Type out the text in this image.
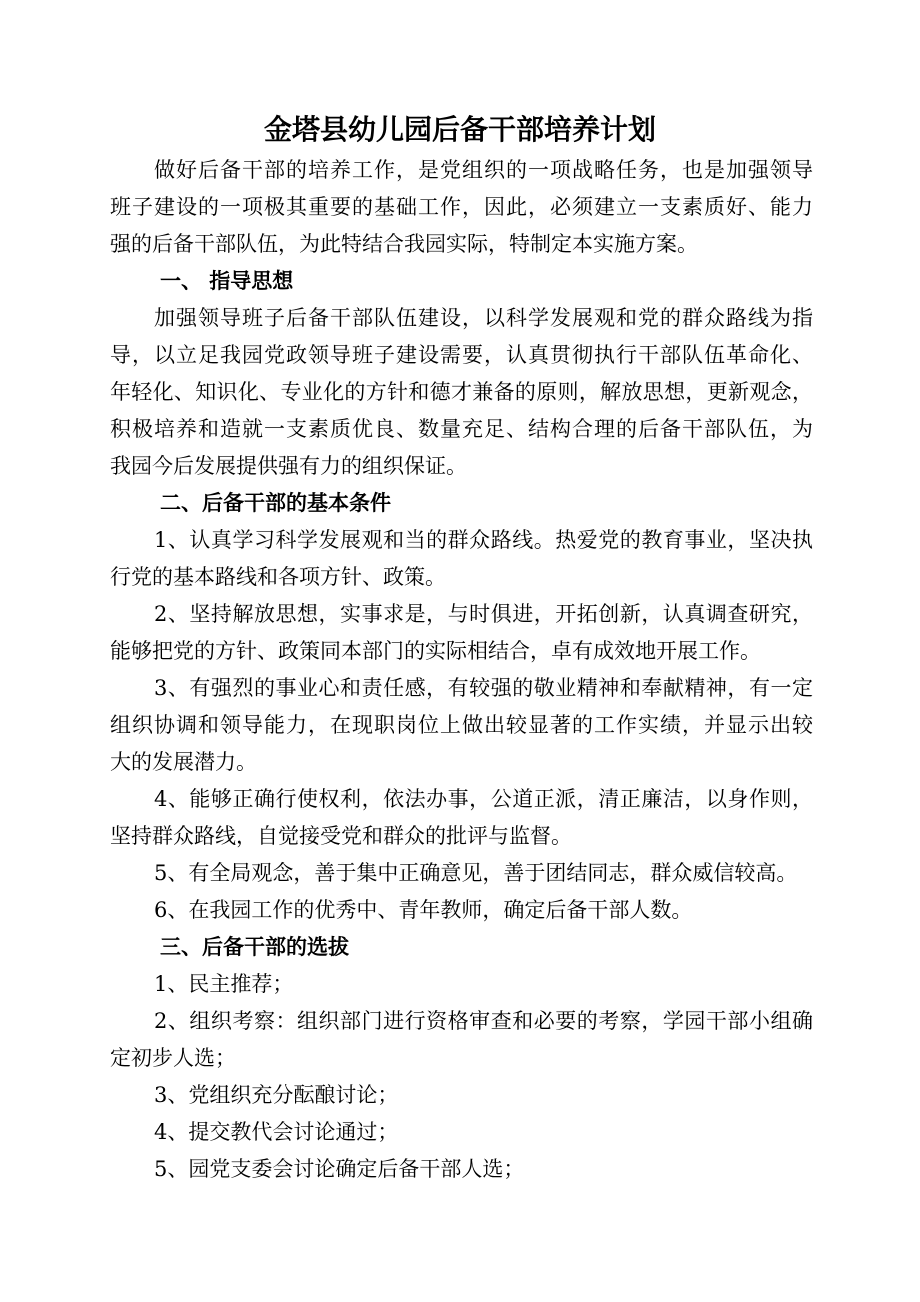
金塔县幼儿园后备干部培养计划
做好后备干部的培养工作，是党组织的一项战略任务，也是加强领导
班子建设的一项极其重要的基础工作，因此，必须建立一支素质好、能力
强的后备干部队伍，为此特结合我园实际，特制定本实施方案。
一、 指导思想
加强领导班子后备干部队伍建设，以科学发展观和党的群众路线为指
导，以立足我园党政领导班子建设需要，认真贯彻执行干部队伍革命化、
年轻化、知识化、专业化的方针和德才兼备的原则，解放思想，更新观念，
积极培养和造就一支素质优良、数量充足、结构合理的后备干部队伍，为
我园今后发展提供强有力的组织保证。
二、后备干部的基本条件
1、认真学习科学发展观和当的群众路线。热爱党的教育事业，坚决执
行党的基本路线和各项方针、政策。
2、坚持解放思想，实事求是，与时俱进，开拓创新，认真调查研究，
能够把党的方针、政策同本部门的实际相结合，卓有成效地开展工作。
3、有强烈的事业心和责任感，有较强的敬业精神和奉献精神，有一定
组织协调和领导能力，在现职岗位上做出较显著的工作实绩，并显示出较
大的发展潜力。
4、能够正确行使权利，依法办事，公道正派，清正廉洁，以身作则，
坚持群众路线，自觉接受党和群众的批评与监督。
5、有全局观念，善于集中正确意见，善于团结同志，群众威信较高。
6、在我园工作的优秀中、青年教师，确定后备干部人数。
三、后备干部的选拔
1、民主推荐；
2、组织考察：组织部门进行资格审查和必要的考察，学园干部小组确
定初步人选；
3、党组织充分酝酿讨论；
4、提交教代会讨论通过；
5、园党支委会讨论确定后备干部人选；
